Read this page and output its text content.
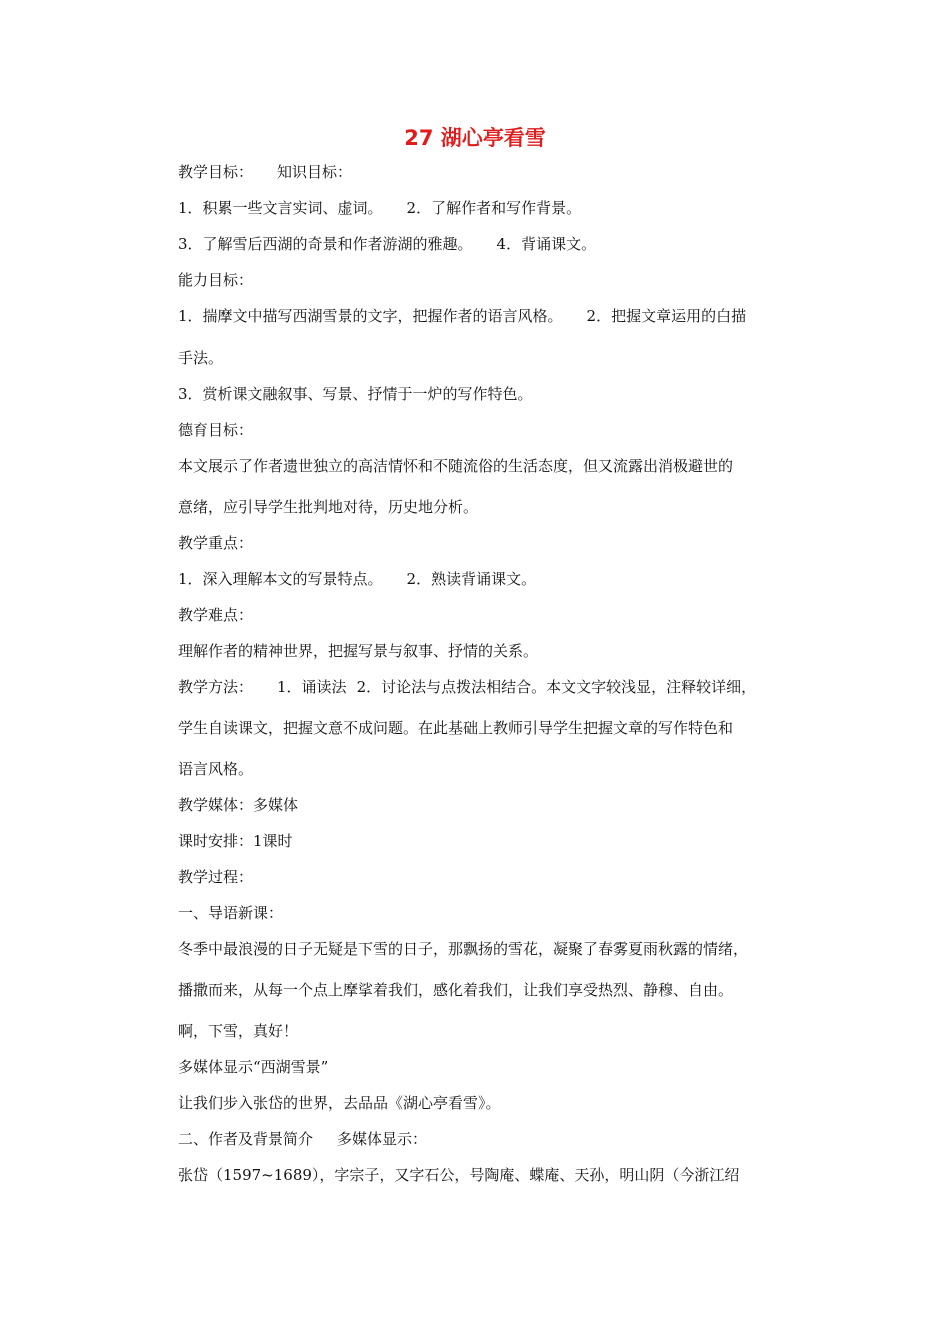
27 湖心亭看雪
教学目标： 知识目标：
1．积累一些文言实词、虚词。 2．了解作者和写作背景。
3．了解雪后西湖的奇景和作者游湖的雅趣。 4．背诵课文。
能力目标：
1．揣摩文中描写西湖雪景的文字，把握作者的语言风格。 2．把握文章运用的白描
手法。
3．赏析课文融叙事、写景、抒情于一炉的写作特色。
德育目标：
本文展示了作者遗世独立的高洁情怀和不随流俗的生活态度，但又流露出消极避世的
意绪，应引导学生批判地对待，历史地分析。
教学重点：
1．深入理解本文的写景特点。 2．熟读背诵课文。
教学难点：
理解作者的精神世界，把握写景与叙事、抒情的关系。
教学方法： 1．诵读法 2．讨论法与点拨法相结合。本文文字较浅显，注释较详细，
学生自读课文，把握文意不成问题。在此基础上教师引导学生把握文章的写作特色和
语言风格。
教学媒体：多媒体
课时安排：1课时
教学过程：
一、导语新课：
冬季中最浪漫的日子无疑是下雪的日子，那飘扬的雪花，凝聚了春雾夏雨秋露的情绪，
播撒而来，从每一个点上摩挲着我们，感化着我们，让我们享受热烈、静穆、自由。
啊，下雪，真好！
多媒体显示“西湖雪景”
让我们步入张岱的世界，去品品《湖心亭看雪》。
二、作者及背景简介 多媒体显示：
张岱（1597~1689），字宗子，又字石公，号陶庵、蝶庵、天孙，明山阴（今浙江绍
